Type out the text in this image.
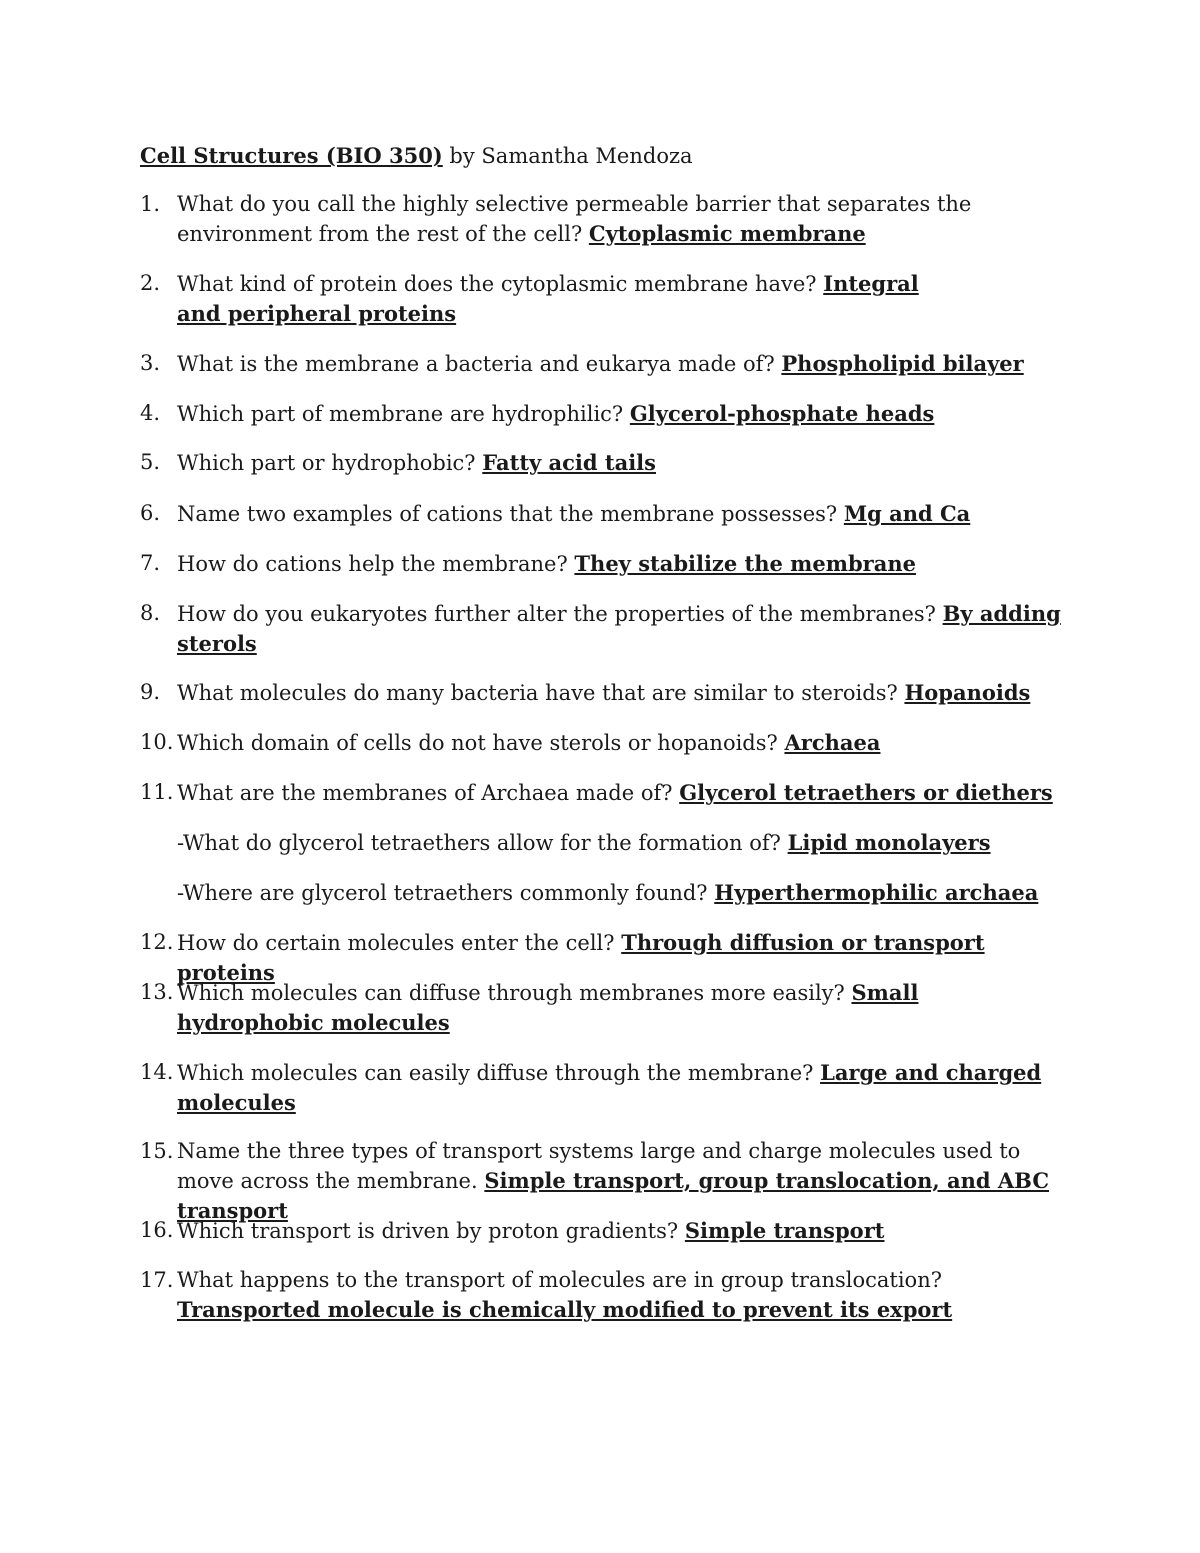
Cell Structures (BIO 350) by Samantha Mendoza
1. What do you call the highly selective permeable barrier that separates the environment from the rest of the cell? Cytoplasmic membrane
2. What kind of protein does the cytoplasmic membrane have? Integral and peripheral proteins
3. What is the membrane a bacteria and eukarya made of? Phospholipid bilayer
4. Which part of membrane are hydrophilic? Glycerol-phosphate heads
5. Which part or hydrophobic? Fatty acid tails
6. Name two examples of cations that the membrane possesses? Mg and Ca
7. How do cations help the membrane? They stabilize the membrane
8. How do you eukaryotes further alter the properties of the membranes? By adding sterols
9. What molecules do many bacteria have that are similar to steroids? Hopanoids
10. Which domain of cells do not have sterols or hopanoids? Archaea
11. What are the membranes of Archaea made of? Glycerol tetraethers or diethers
-What do glycerol tetraethers allow for the formation of? Lipid monolayers
-Where are glycerol tetraethers commonly found? Hyperthermophilic archaea
12. How do certain molecules enter the cell? Through diffusion or transport proteins
13. Which molecules can diffuse through membranes more easily? Small hydrophobic molecules
14. Which molecules can easily diffuse through the membrane? Large and charged molecules
15. Name the three types of transport systems large and charge molecules used to move across the membrane. Simple transport, group translocation, and ABC transport
16. Which transport is driven by proton gradients? Simple transport
17. What happens to the transport of molecules are in group translocation? Transported molecule is chemically modified to prevent its export
